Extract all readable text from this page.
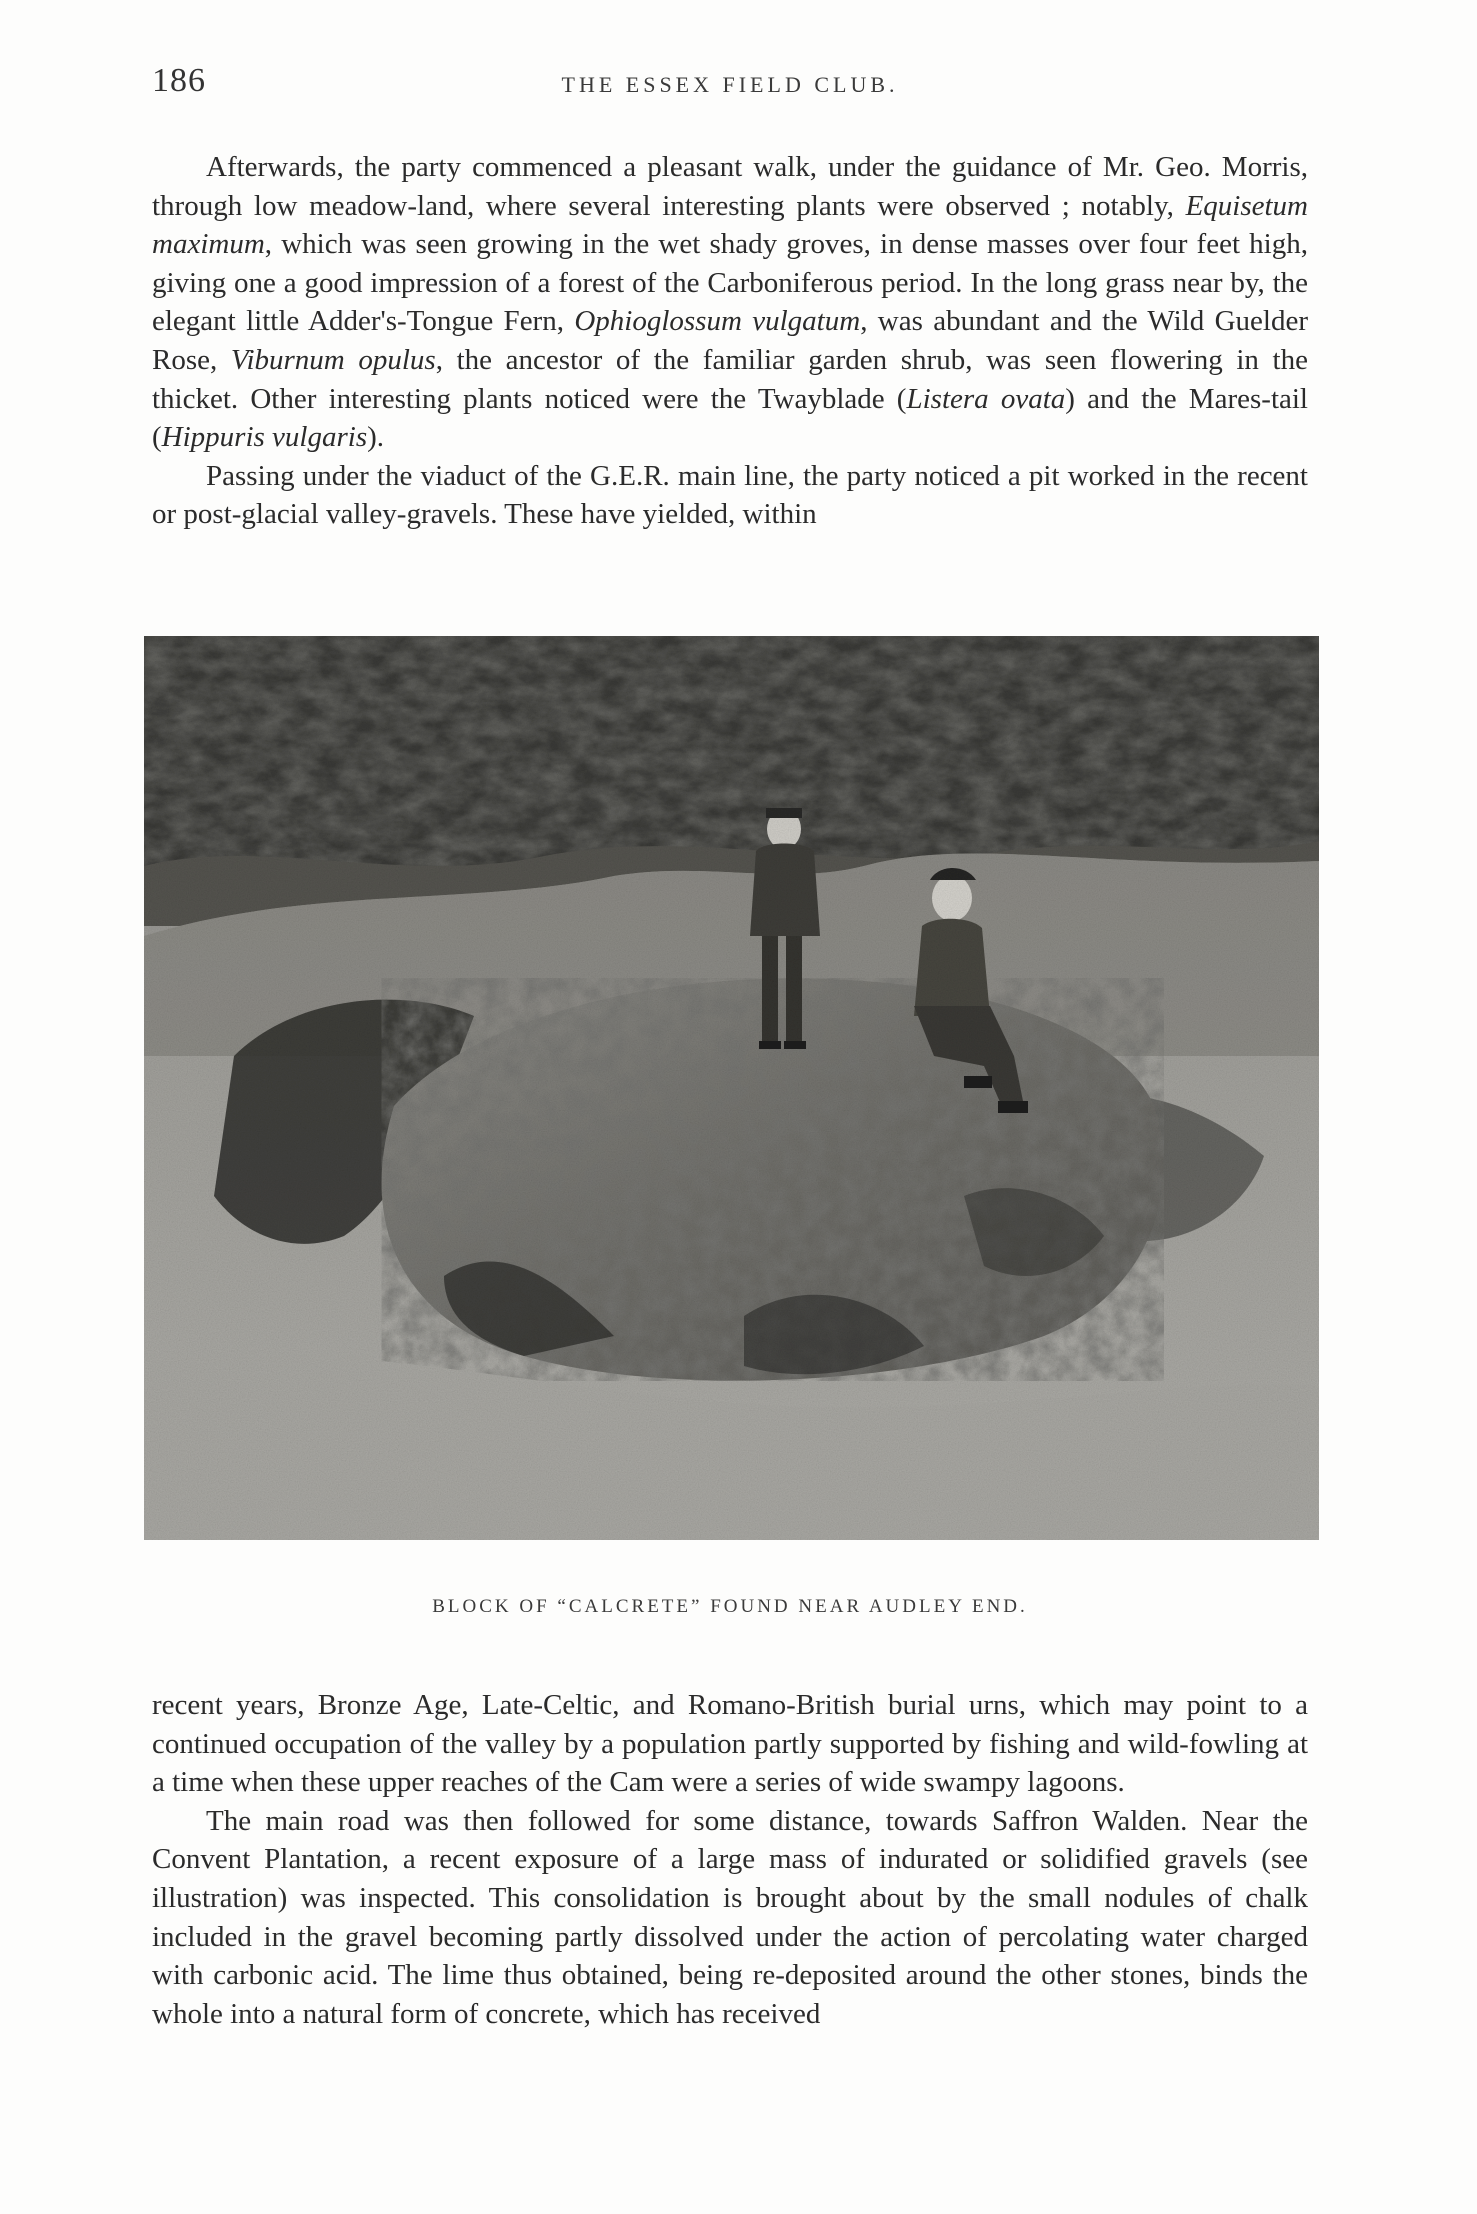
186	THE ESSEX FIELD CLUB.

Afterwards, the party commenced a pleasant walk, under the guidance of Mr. Geo. Morris, through low meadow-land, where several interesting plants were observed ; notably, Equisetum maximum, which was seen growing in the wet shady groves, in dense masses over four feet high, giving one a good impression of a forest of the Carboniferous period. In the long grass near by, the elegant little Adder's-Tongue Fern, Ophioglossum vulgatum, was abundant and the Wild Guelder Rose, Viburnum opulus, the ancestor of the familiar garden shrub, was seen flowering in the thicket. Other interesting plants noticed were the Twayblade (Listera ovata) and the Mares-tail (Hippuris vulgaris).

Passing under the viaduct of the G.E.R. main line, the party noticed a pit worked in the recent or post-glacial valley-gravels. These have yielded, within

BLOCK OF “CALCRETE” FOUND NEAR AUDLEY END.

recent years, Bronze Age, Late-Celtic, and Romano-British burial urns, which may point to a continued occupation of the valley by a population partly supported by fishing and wild-fowling at a time when these upper reaches of the Cam were a series of wide swampy lagoons.

The main road was then followed for some distance, towards Saffron Walden. Near the Convent Plantation, a recent exposure of a large mass of indurated or solidified gravels (see illustration) was inspected. This consolidation is brought about by the small nodules of chalk included in the gravel becoming partly dissolved under the action of percolating water charged with carbonic acid. The lime thus obtained, being re-deposited around the other stones, binds the whole into a natural form of concrete, which has received
